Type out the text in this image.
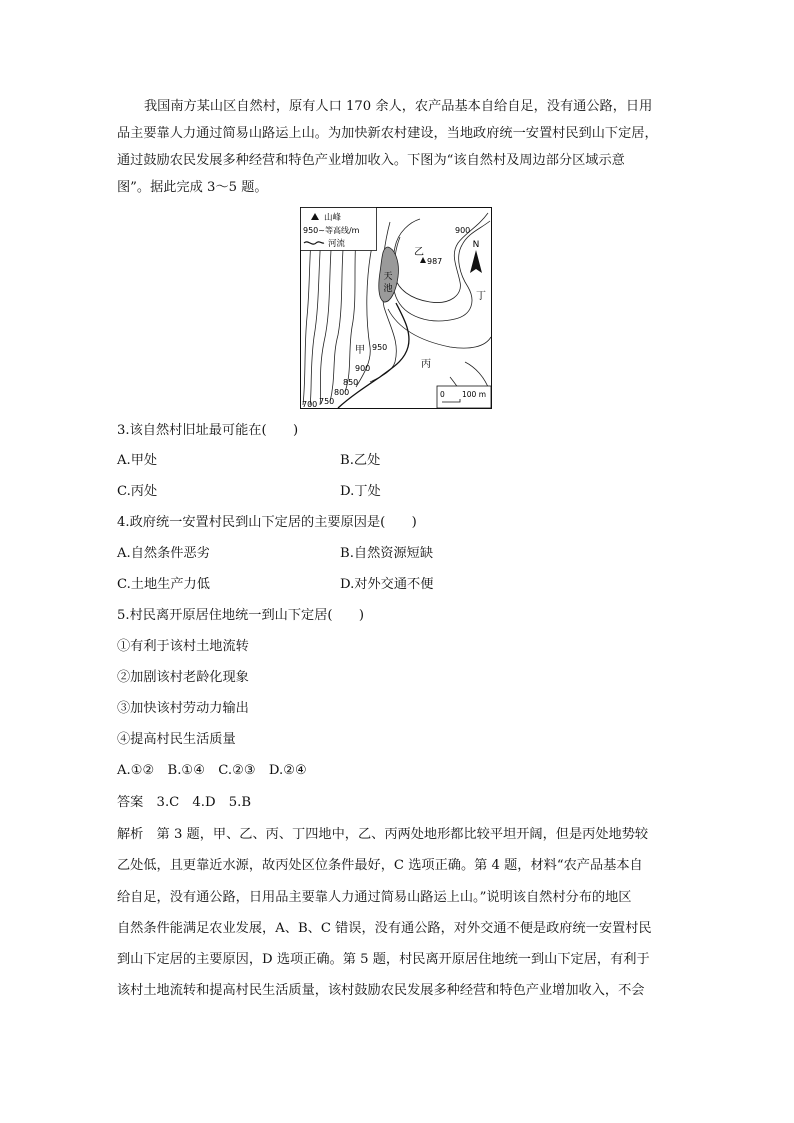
我国南方某山区自然村，原有人口 170 余人，农产品基本自给自足，没有通公路，日用
品主要靠人力通过简易山路运上山。为加快新农村建设，当地政府统一安置村民到山下定居，
通过鼓励农民发展多种经营和特色产业增加收入。下图为“该自然村及周边部分区域示意
图”。据此完成 3～5 题。
天
池
山峰
950~等高线/m
河流
987
乙
丁
甲
丙
N
900
950
900
850
800
750
700
0 100 m
3.该自然村旧址最可能在(　　)
A.甲处	B.乙处
C.丙处	D.丁处
4.政府统一安置村民到山下定居的主要原因是(　　)
A.自然条件恶劣	B.自然资源短缺
C.土地生产力低	D.对外交通不便
5.村民离开原居住地统一到山下定居(　　)
①有利于该村土地流转
②加剧该村老龄化现象
③加快该村劳动力输出
④提高村民生活质量
A.①②　B.①④　C.②③　D.②④
答案　3.C　4.D　5.B
解析　第 3 题，甲、乙、丙、丁四地中，乙、丙两处地形都比较平坦开阔，但是丙处地势较
乙处低，且更靠近水源，故丙处区位条件最好，C 选项正确。第 4 题，材料“农产品基本自
给自足，没有通公路，日用品主要靠人力通过简易山路运上山。”说明该自然村分布的地区
自然条件能满足农业发展，A、B、C 错误，没有通公路，对外交通不便是政府统一安置村民
到山下定居的主要原因，D 选项正确。第 5 题，村民离开原居住地统一到山下定居，有利于
该村土地流转和提高村民生活质量，该村鼓励农民发展多种经营和特色产业增加收入，不会
